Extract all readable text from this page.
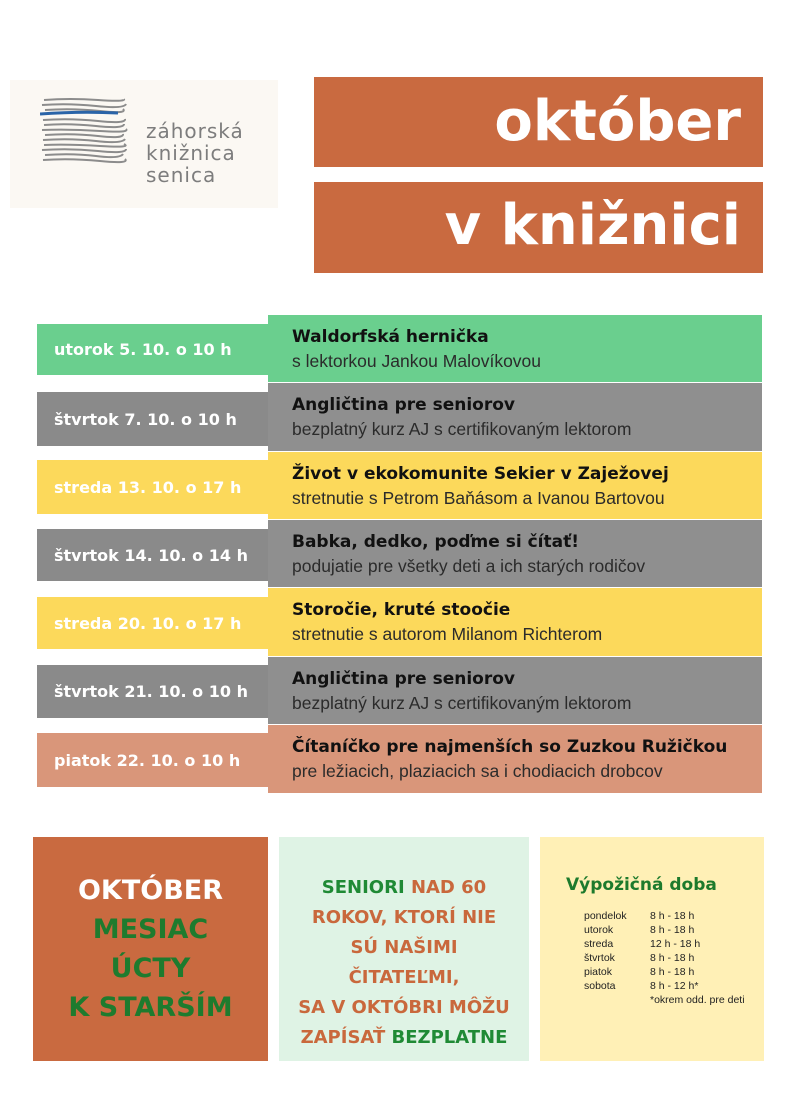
záhorská
knižnica
senica
október
v knižnici
utorok 5. 10. o 10 h
Waldorfská hernička
s lektorkou Jankou Malovíkovou
štvrtok 7. 10. o 10 h
Angličtina pre seniorov
bezplatný kurz AJ s certifikovaným lektorom
streda 13. 10. o 17 h
Život v ekokomunite Sekier v Zaježovej
stretnutie s Petrom Baňásom a Ivanou Bartovou
štvrtok 14. 10. o 14 h
Babka, dedko, poďme si čítať!
podujatie pre všetky deti a ich starých rodičov
streda 20. 10. o 17 h
Storočie, kruté stoočie
stretnutie s autorom Milanom Richterom
štvrtok 21. 10. o 10 h
Angličtina pre seniorov
bezplatný kurz AJ s certifikovaným lektorom
piatok 22. 10. o 10 h
Čítaníčko pre najmenších so Zuzkou Ružičkou
pre ležiacich, plaziacich sa i chodiacich drobcov
OKTÓBER
MESIAC
ÚCTY
K STARŠÍM
SENIORI NAD 60
ROKOV, KTORÍ NIE
SÚ NAŠIMI
ČITATEĽMI,
SA V OKTÓBRI MÔŽU
ZAPÍSAŤ BEZPLATNE
Výpožičná doba
pondelok	8 h - 18 h
utorok	8 h - 18 h
streda	12 h - 18 h
štvrtok	8 h - 18 h
piatok	8 h - 18 h
sobota	8 h - 12 h*
*okrem odd. pre deti
